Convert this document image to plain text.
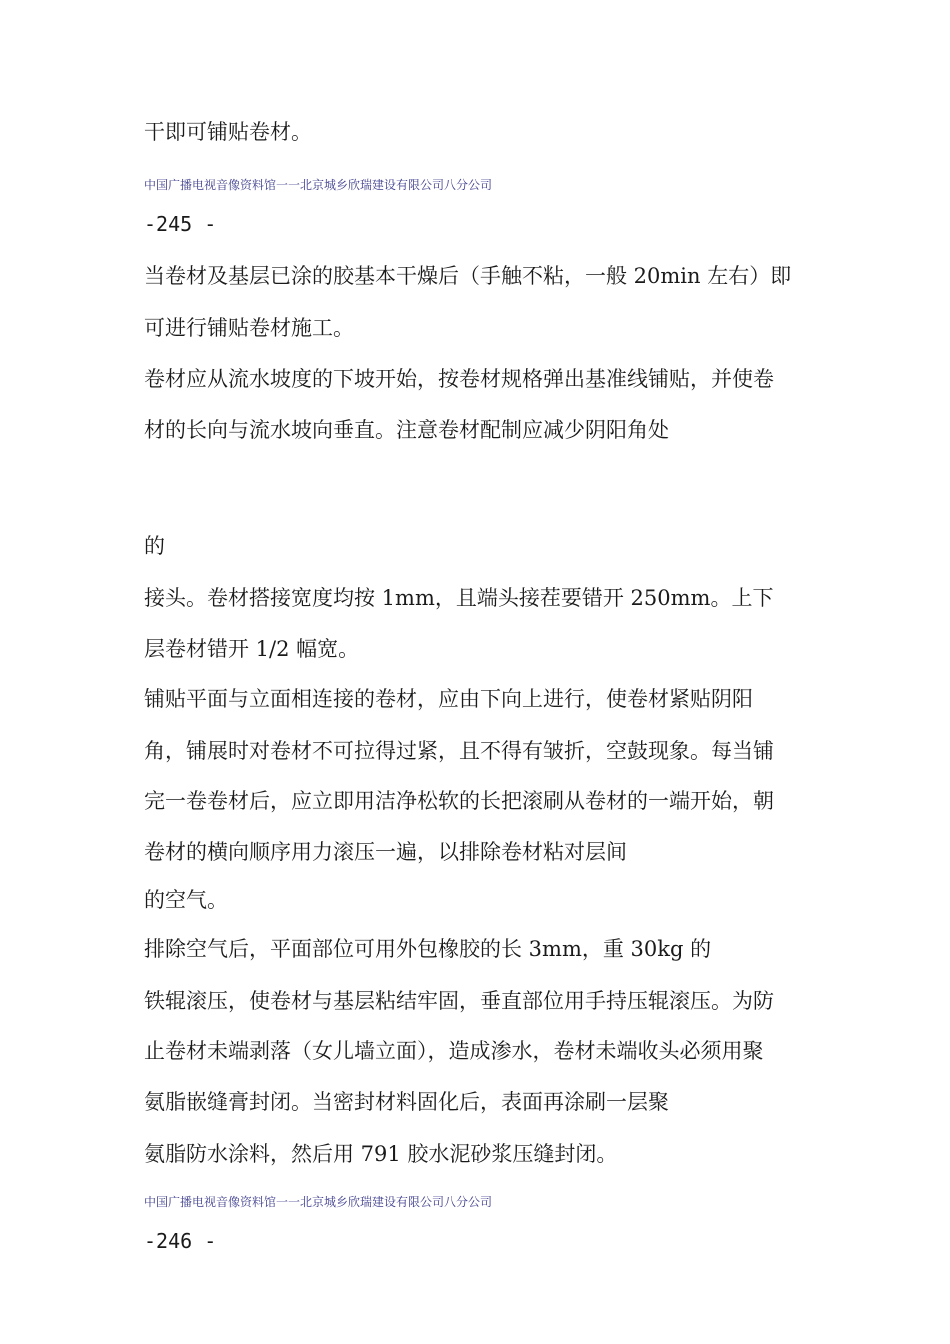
干即可铺贴卷材。
中国广播电视音像资料馆一一北京城乡欣瑞建设有限公司八分公司
-245 -
当卷材及基层已涂的胶基本干燥后（手触不粘，一般 20min 左右）即
可进行铺贴卷材施工。
卷材应从流水坡度的下坡开始，按卷材规格弹出基准线铺贴，并使卷
材的长向与流水坡向垂直。注意卷材配制应减少阴阳角处
的
接头。卷材搭接宽度均按 1mm，且端头接茬要错开 250mm。上下
层卷材错开 1/2 幅宽。
铺贴平面与立面相连接的卷材，应由下向上进行，使卷材紧贴阴阳
角，铺展时对卷材不可拉得过紧，且不得有皱折，空鼓现象。每当铺
完一卷卷材后，应立即用洁净松软的长把滚刷从卷材的一端开始，朝
卷材的横向顺序用力滚压一遍，以排除卷材粘对层间
的空气。
排除空气后，平面部位可用外包橡胶的长 3mm，重 30kg 的
铁辊滚压，使卷材与基层粘结牢固，垂直部位用手持压辊滚压。为防
止卷材未端剥落（女儿墙立面），造成渗水，卷材未端收头必须用聚
氨脂嵌缝膏封闭。当密封材料固化后，表面再涂刷一层聚
氨脂防水涂料，然后用 791 胶水泥砂浆压缝封闭。
中国广播电视音像资料馆一一北京城乡欣瑞建设有限公司八分公司
-246 -
